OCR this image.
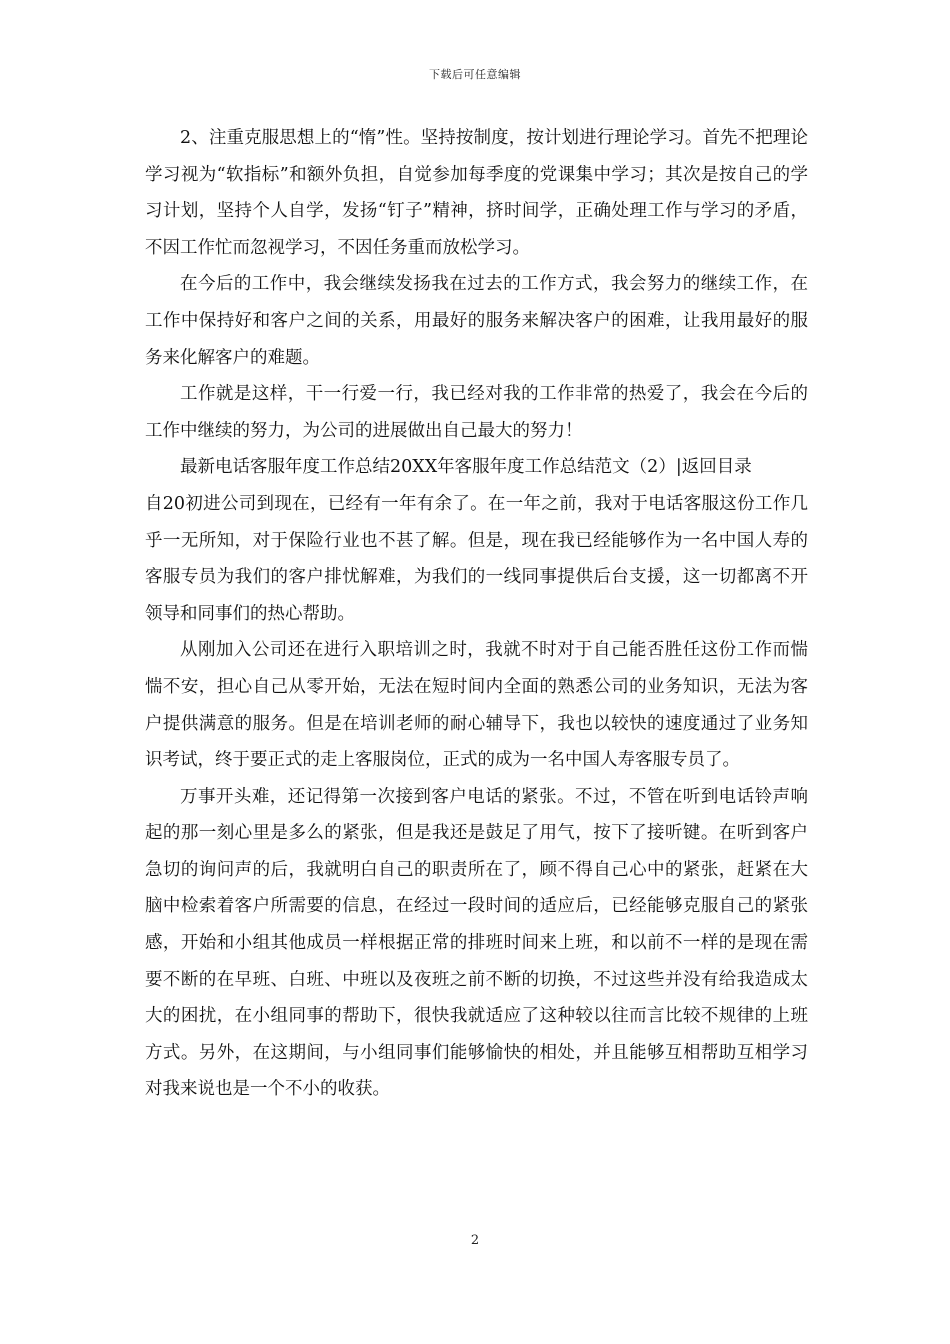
下载后可任意编辑

2、注重克服思想上的“惰”性。坚持按制度，按计划进行理论学习。首先不把理论学习视为“软指标”和额外负担，自觉参加每季度的党课集中学习；其次是按自己的学习计划，坚持个人自学，发扬“钉子”精神，挤时间学，正确处理工作与学习的矛盾，不因工作忙而忽视学习，不因任务重而放松学习。

在今后的工作中，我会继续发扬我在过去的工作方式，我会努力的继续工作，在工作中保持好和客户之间的关系，用最好的服务来解决客户的困难，让我用最好的服务来化解客户的难题。

工作就是这样，干一行爱一行，我已经对我的工作非常的热爱了，我会在今后的工作中继续的努力，为公司的进展做出自己最大的努力！

最新电话客服年度工作总结20XX年客服年度工作总结范文（2）|返回目录

自20初进公司到现在，已经有一年有余了。在一年之前，我对于电话客服这份工作几乎一无所知，对于保险行业也不甚了解。但是，现在我已经能够作为一名中国人寿的客服专员为我们的客户排忧解难，为我们的一线同事提供后台支援，这一切都离不开领导和同事们的热心帮助。

从刚加入公司还在进行入职培训之时，我就不时对于自己能否胜任这份工作而惴惴不安，担心自己从零开始，无法在短时间内全面的熟悉公司的业务知识，无法为客户提供满意的服务。但是在培训老师的耐心辅导下，我也以较快的速度通过了业务知识考试，终于要正式的走上客服岗位，正式的成为一名中国人寿客服专员了。

万事开头难，还记得第一次接到客户电话的紧张。不过，不管在听到电话铃声响起的那一刻心里是多么的紧张，但是我还是鼓足了用气，按下了接听键。在听到客户急切的询问声的后，我就明白自己的职责所在了，顾不得自己心中的紧张，赶紧在大脑中检索着客户所需要的信息，在经过一段时间的适应后，已经能够克服自己的紧张感，开始和小组其他成员一样根据正常的排班时间来上班，和以前不一样的是现在需要不断的在早班、白班、中班以及夜班之前不断的切换，不过这些并没有给我造成太大的困扰，在小组同事的帮助下，很快我就适应了这种较以往而言比较不规律的上班方式。另外，在这期间，与小组同事们能够愉快的相处，并且能够互相帮助互相学习对我来说也是一个不小的收获。

2
